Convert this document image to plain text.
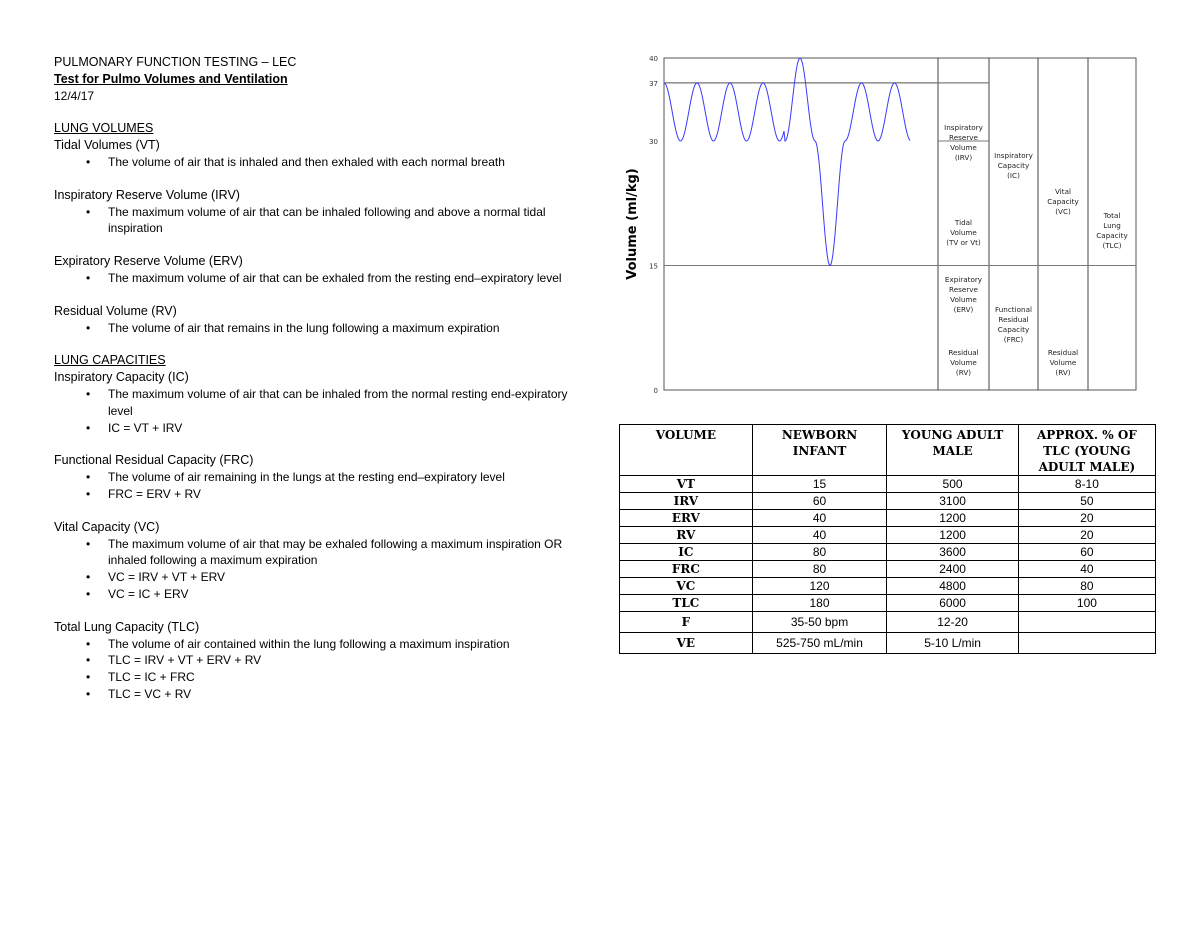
PULMONARY FUNCTION TESTING – LEC
Test for Pulmo Volumes and Ventilation
12/4/17
LUNG VOLUMES
Tidal Volumes (VT)
• The volume of air that is inhaled and then exhaled with each normal breath
Inspiratory Reserve Volume (IRV)
• The maximum volume of air that can be inhaled following and above a normal tidal inspiration
Expiratory Reserve Volume (ERV)
• The maximum volume of air that can be exhaled from the resting end–expiratory level
Residual Volume (RV)
• The volume of air that remains in the lung following a maximum expiration
LUNG CAPACITIES
Inspiratory Capacity (IC)
• The maximum volume of air that can be inhaled from the normal resting end-expiratory level
• IC = VT + IRV
Functional Residual Capacity (FRC)
• The volume of air remaining in the lungs at the resting end–expiratory level
• FRC = ERV + RV
Vital Capacity (VC)
• The maximum volume of air that may be exhaled following a maximum inspiration OR inhaled following a maximum expiration
• VC = IRV + VT + ERV
• VC = IC + ERV
Total Lung Capacity (TLC)
• The volume of air contained within the lung following a maximum inspiration
• TLC = IRV + VT + ERV + RV
• TLC = IC + FRC
• TLC = VC + RV
0
15
30
37
40
Volume (ml/kg)
Inspiratory Reserve Volume (IRV)
Tidal Volume (TV or Vt)
Expiratory Reserve Volume (ERV)
Residual Volume (RV)
Inspiratory Capacity (IC)
Functional Residual Capacity (FRC)
Vital Capacity (VC)
Residual Volume (RV)
Total Lung Capacity (TLC)
VOLUME	NEWBORN INFANT	YOUNG ADULT MALE	APPROX. % OF TLC (YOUNG ADULT MALE)
VT	15	500	8-10
IRV	60	3100	50
ERV	40	1200	20
RV	40	1200	20
IC	80	3600	60
FRC	80	2400	40
VC	120	4800	80
TLC	180	6000	100
F	35-50 bpm	12-20	
VE	525-750 mL/min	5-10 L/min	
